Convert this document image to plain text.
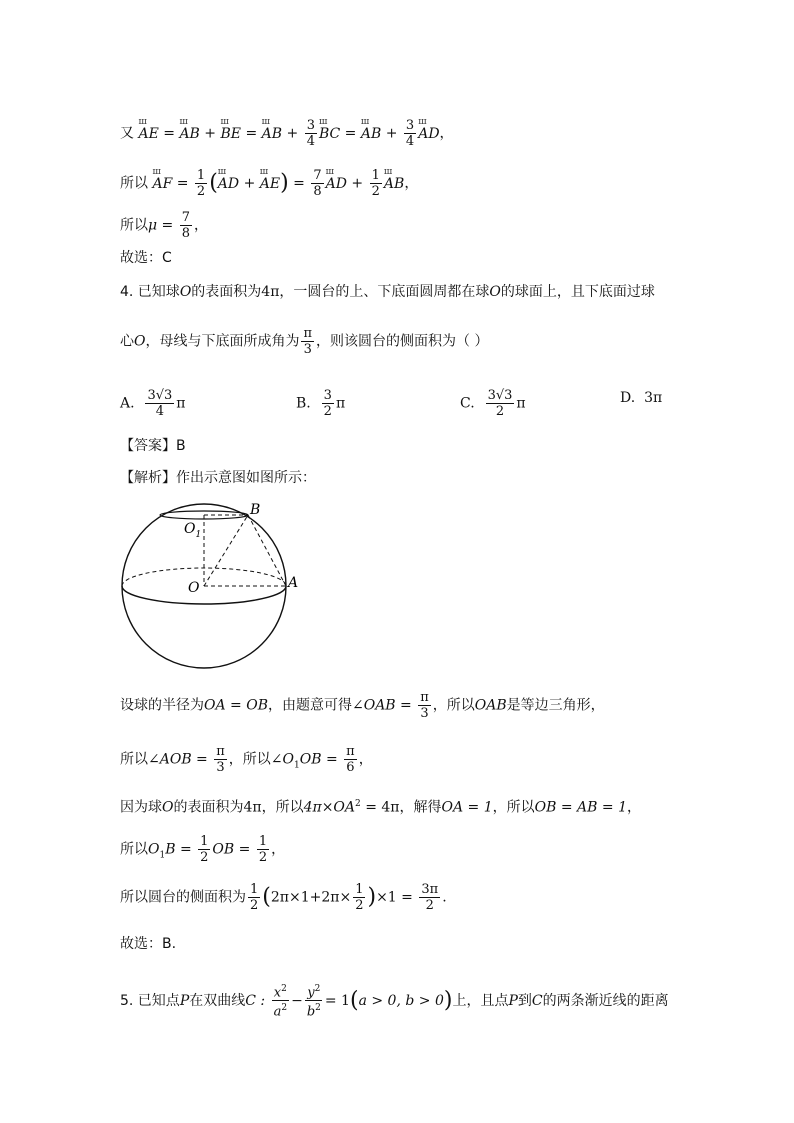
又 ш AE = ш AB + ш BE = ш AB + $\frac{3}{4}$ ш BC = ш AB + $\frac{3}{4}$ ш AD，
所以 ш AF = $\frac{1}{2} (ш$ AD + ш $AE) = \frac{7}{8}$ ш AD + $\frac{1}{2}$ ш AB，
所以$\mu = \frac{7}{8}$ ，
故选：C
4. 已知球O的表面积为4π，一圆台的上、下底面圆周都在球O的球面上，且下底面过球
心O，母线与下底面所成角为 $\frac{\pi}{3}$ ，则该圆台的侧面积为（ ）
A. $\frac{3√3}{4}$ π	B. $\frac{3}{2}$ π	C. $\frac{3√3}{2}$ π	D. 3π
【答案】B
【解析】作出示意图如图所示：
B
$O_1$
O	A
设球的半径为OA = OB，由题意可得∠OAB = $\frac{\pi}{3}$ ，所以OAB是等边三角形，
所以∠AOB = $\frac{\pi}{3}$ ，所以$\angle O_1OB = \frac{\pi}{6}$ ，
因为球O的表面积为4π，所以$4\pi\times OA^2 = 4\pi$，解得OA = 1，所以OB = AB = 1，
所以$O_1B = \frac{1}{2}$ OB = $\frac{1}{2}$ ，
所以圆台的侧面积为 $\frac{1}{2} (2\pi\times 1+2\pi\times \frac{1}{2} )\times 1 = \frac{3\pi}{2}$ .
故选：B.
5. 已知点P在双曲线C : $\frac{x^2}{a^2} - \frac{y^2}{b^2} = 1(a > 0$, b > 0)上，且点P到C的两条渐近线的距离
